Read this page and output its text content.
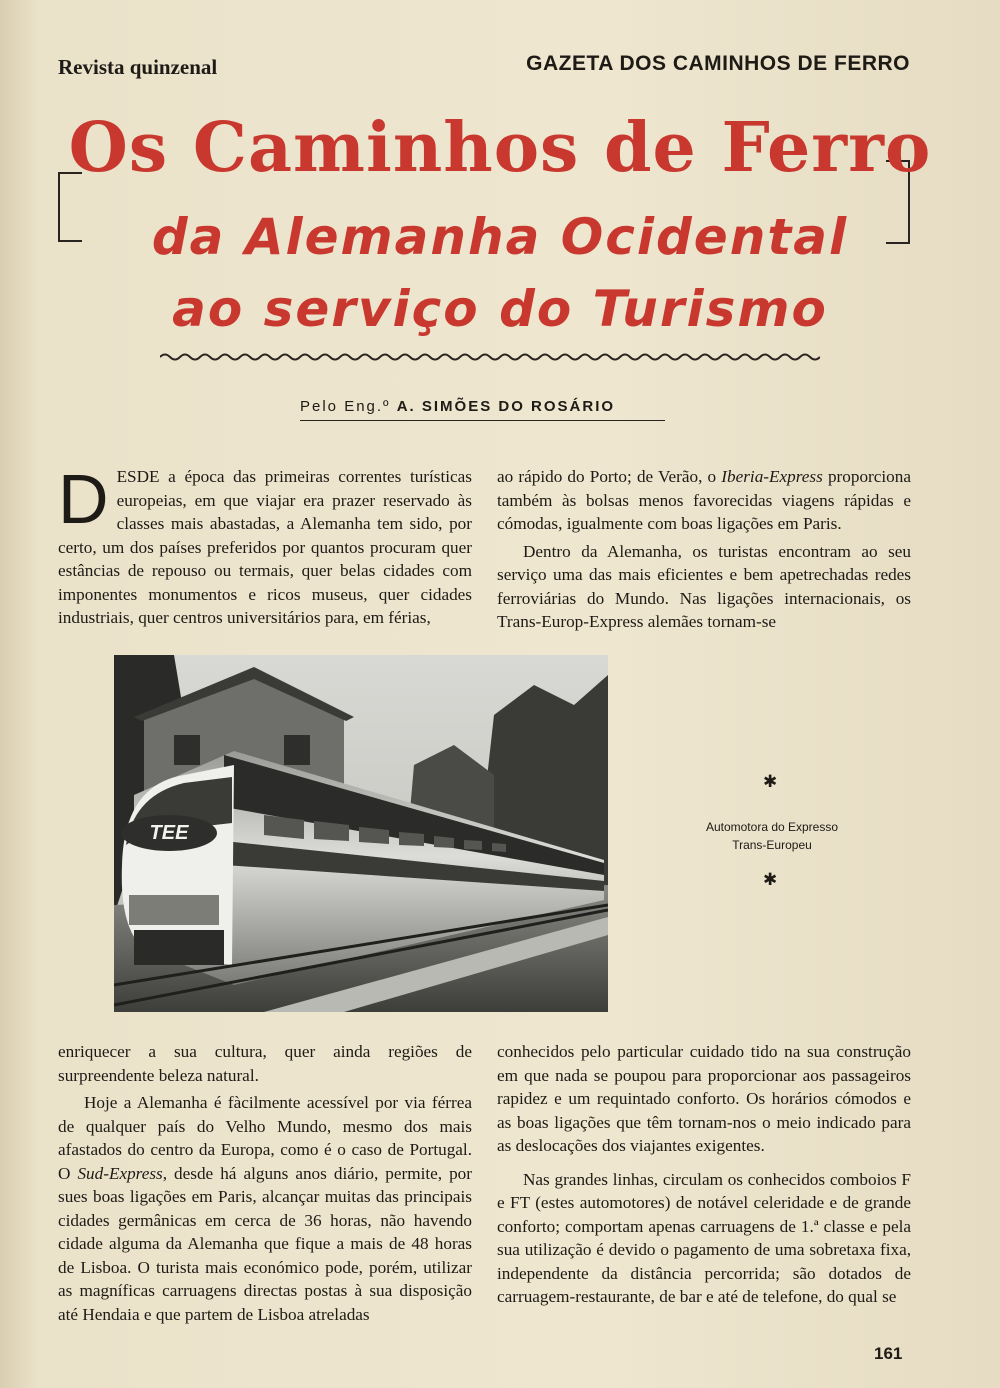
Revista quinzenal	GAZETA DOS CAMINHOS DE FERRO
Os Caminhos de Ferro
da Alemanha Ocidental
ao serviço do Turismo
Pelo Eng.º A. SIMÕES DO ROSÁRIO

D ESDE a época das primeiras correntes turísticas europeias, em que viajar era prazer reservado às classes mais abastadas, a Alemanha tem sido, por certo, um dos países preferidos por quantos procuram quer estâncias de repouso ou termais, quer belas cidades com imponentes monumentos e ricos museus, quer cidades industriais, quer centros universitários para, em férias,

ao rápido do Porto; de Verão, o Iberia-Express proporciona também às bolsas menos favorecidas viagens rápidas e cómodas, igualmente com boas ligações em Paris.

Dentro da Alemanha, os turistas encontram ao seu serviço uma das mais eficientes e bem apetrechadas redes ferroviárias do Mundo. Nas ligações internacionais, os Trans-Europ-Express alemães tornam-se

TEE
✱
Automotora do Expresso
Trans-Europeu
✱

enriquecer a sua cultura, quer ainda regiões de surpreendente beleza natural.

Hoje a Alemanha é fàcilmente acessível por via férrea de qualquer país do Velho Mundo, mesmo dos mais afastados do centro da Europa, como é o caso de Portugal. O Sud-Express, desde há alguns anos diário, permite, por sues boas ligações em Paris, alcançar muitas das principais cidades germânicas em cerca de 36 horas, não havendo cidade alguma da Alemanha que fique a mais de 48 horas de Lisboa. O turista mais económico pode, porém, utilizar as magníficas carruagens directas postas à sua disposição até Hendaia e que partem de Lisboa atreladas

conhecidos pelo particular cuidado tido na sua construção em que nada se poupou para proporcionar aos passageiros rapidez e um requintado conforto. Os horários cómodos e as boas ligações que têm tornam-nos o meio indicado para as deslocações dos viajantes exigentes.

Nas grandes linhas, circulam os conhecidos comboios F e FT (estes automotores) de notável celeridade e de grande conforto; comportam apenas carruagens de 1.ª classe e pela sua utilização é devido o pagamento de uma sobretaxa fixa, independente da distância percorrida; são dotados de carruagem-restaurante, de bar e até de telefone, do qual se

161
